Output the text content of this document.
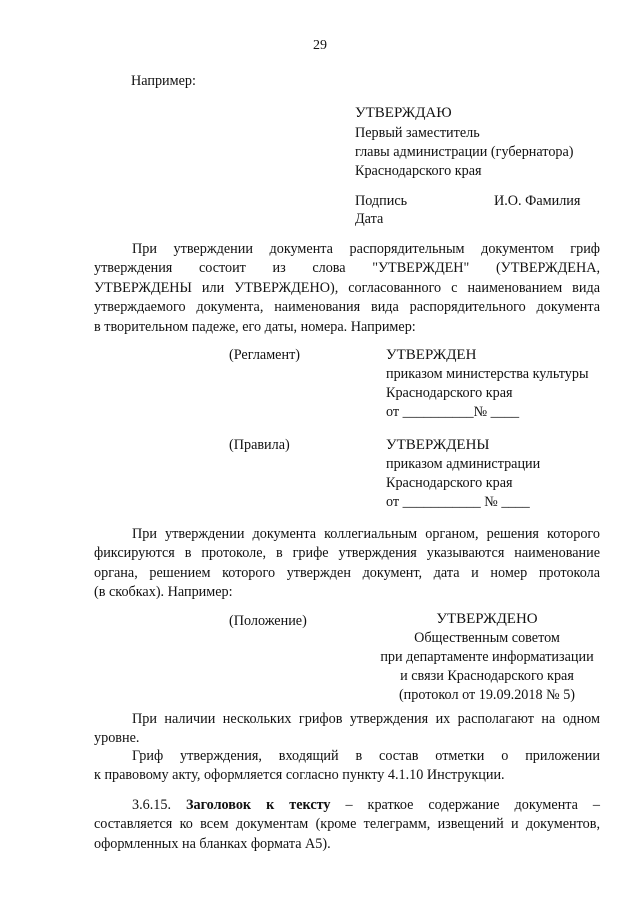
29
Например:
УТВЕРЖДАЮ
Первый заместитель
главы администрации (губернатора)
Краснодарского края
Подпись	И.О. Фамилия
Дата
При утверждении документа распорядительным документом гриф
утверждения состоит из слова "УТВЕРЖДЕН" (УТВЕРЖДЕНА,
УТВЕРЖДЕНЫ или УТВЕРЖДЕНО), согласованного с наименованием вида
утверждаемого документа, наименования вида распорядительного документа
в творительном падеже, его даты, номера. Например:
(Регламент)	УТВЕРЖДЕН
приказом министерства культуры
Краснодарского края
от __________№ ____
(Правила)	УТВЕРЖДЕНЫ
приказом администрации
Краснодарского края
от ___________ № ____
При утверждении документа коллегиальным органом, решения которого
фиксируются в протоколе, в грифе утверждения указываются наименование
органа, решением которого утвержден документ, дата и номер протокола
(в скобках). Например:
(Положение)	УТВЕРЖДЕНО
Общественным советом
при департаменте информатизации
и связи Краснодарского края
(протокол от 19.09.2018 № 5)
При наличии нескольких грифов утверждения их располагают на одном
уровне.
Гриф утверждения, входящий в состав отметки о приложении
к правовому акту, оформляется согласно пункту 4.1.10 Инструкции.
3.6.15. Заголовок к тексту – краткое содержание документа –
составляется ко всем документам (кроме телеграмм, извещений и документов,
оформленных на бланках формата А5).
